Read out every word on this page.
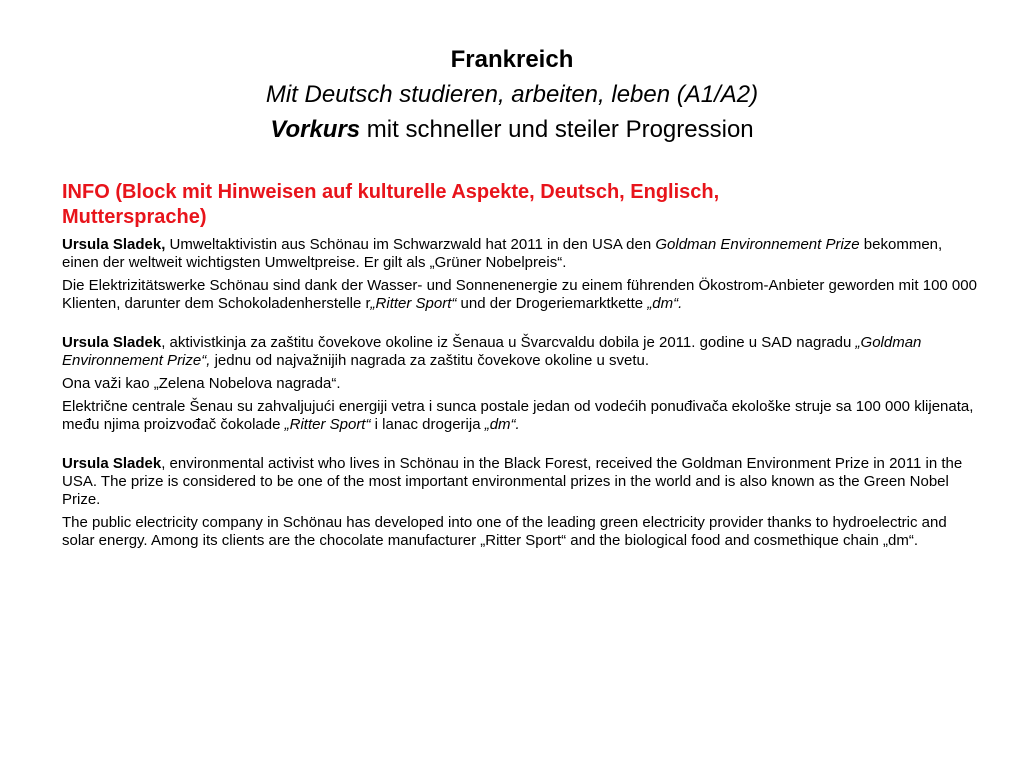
Frankreich
Mit Deutsch studieren, arbeiten, leben (A1/A2)
Vorkurs mit schneller und steiler Progression
INFO (Block mit Hinweisen auf kulturelle Aspekte, Deutsch, Englisch,
Muttersprache)

Ursula Sladek, Umweltaktivistin aus Schönau im Schwarzwald hat 2011 in den USA den Goldman Environnement Prize bekommen, einen der weltweit wichtigsten Umweltpreise. Er gilt als „Grüner Nobelpreis“.

Die Elektrizitätswerke Schönau sind dank der Wasser- und Sonnenenergie zu einem führenden Ökostrom-Anbieter geworden mit 100 000 Klienten, darunter dem Schokoladenherstelle r„Ritter Sport“ und der Drogeriemarktkette „dm“.

Ursula Sladek, aktivistkinja za zaštitu čovekove okoline iz Šenaua u Švarcvaldu dobila je 2011. godine u SAD nagradu „Goldman Environnement Prize“, jednu od najvažnijih nagrada za zaštitu čovekove okoline u svetu.

Ona važi kao „Zelena Nobelova nagrada“.

Električne centrale Šenau su zahvaljujući energiji vetra i sunca postale jedan od vodećih ponuđivača ekološke struje sa 100 000 klijenata, među njima proizvođač čokolade „Ritter Sport“ i lanac drogerija „dm“.

Ursula Sladek, environmental activist who lives in Schönau in the Black Forest, received the Goldman Environment Prize in 2011 in the USA. The prize is considered to be one of the most important environmental prizes in the world and is also known as the Green Nobel Prize.

The public electricity company in Schönau has developed into one of the leading green electricity provider thanks to hydroelectric and solar energy. Among its clients are the chocolate manufacturer „Ritter Sport“ and the biological food and cosmethique chain „dm“.
